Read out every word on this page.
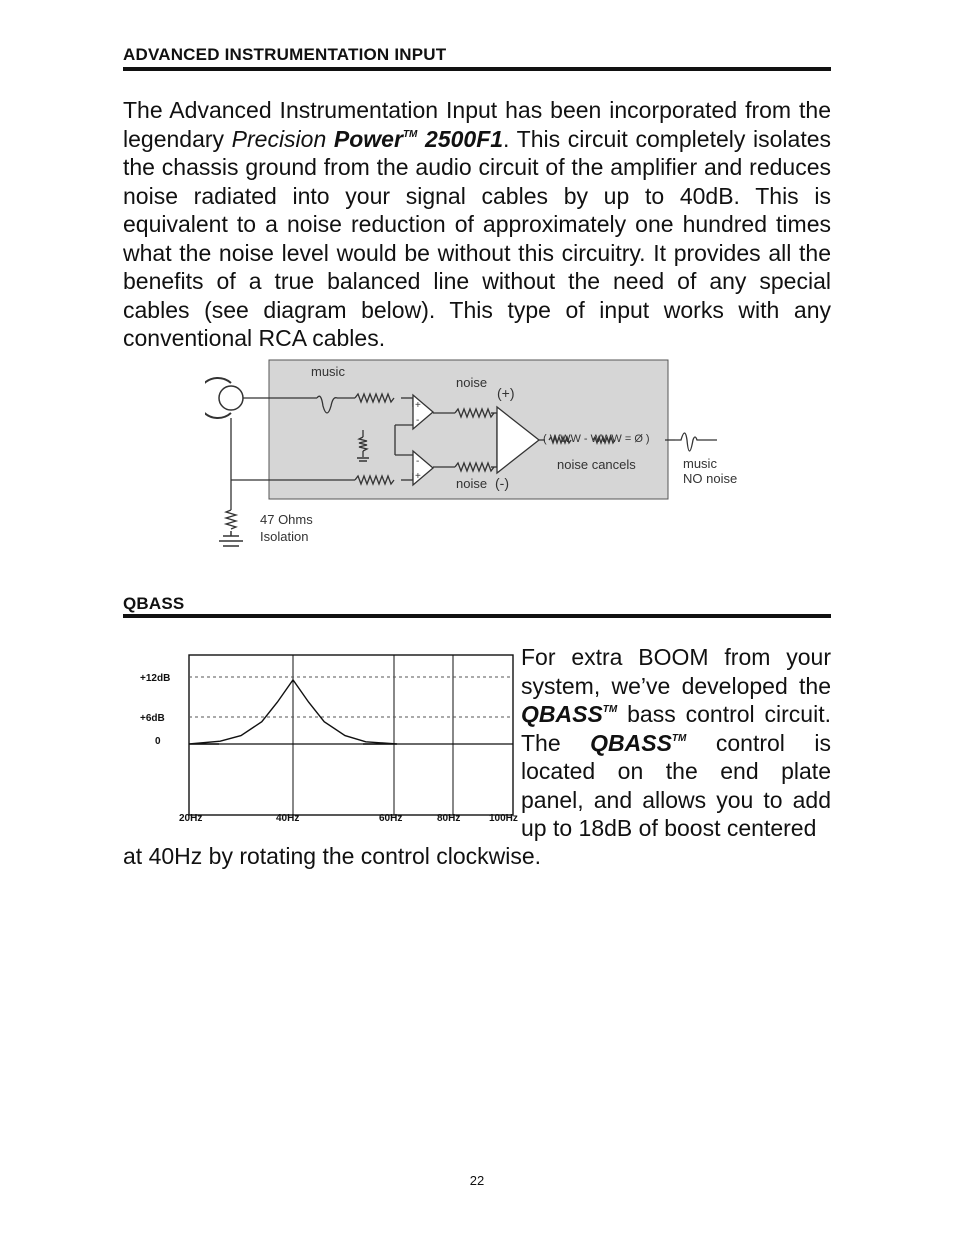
ADVANCED INSTRUMENTATION INPUT
The Advanced Instrumentation Input has been incorporated from the legendary Precision Power™ 2500F1. This circuit completely isolates the chassis ground from the audio circuit of the amplifier and reduces noise radiated into your signal cables by up to 40dB. This is equivalent to a noise reduction of approximately one hundred times what the noise level would be without this circuitry. It provides all the benefits of a true balanced line without the need of any special cables (see diagram below). This type of input works with any conventional RCA cables.
+
-
-
+
music
noise
(+)
noise (-)
( WWW - WWW = Ø )
noise cancels	music
NO noise
47 Ohms
Isolation
QBASS
+12dB
+6dB
0
20Hz	40Hz	60Hz	80Hz	100Hz
For extra BOOM from your system, we’ve developed the QBASS™ bass control circuit. The QBASS™ control is located on the end plate panel, and allows you to add up to 18dB of boost centered
at 40Hz by rotating the control clockwise.
22
